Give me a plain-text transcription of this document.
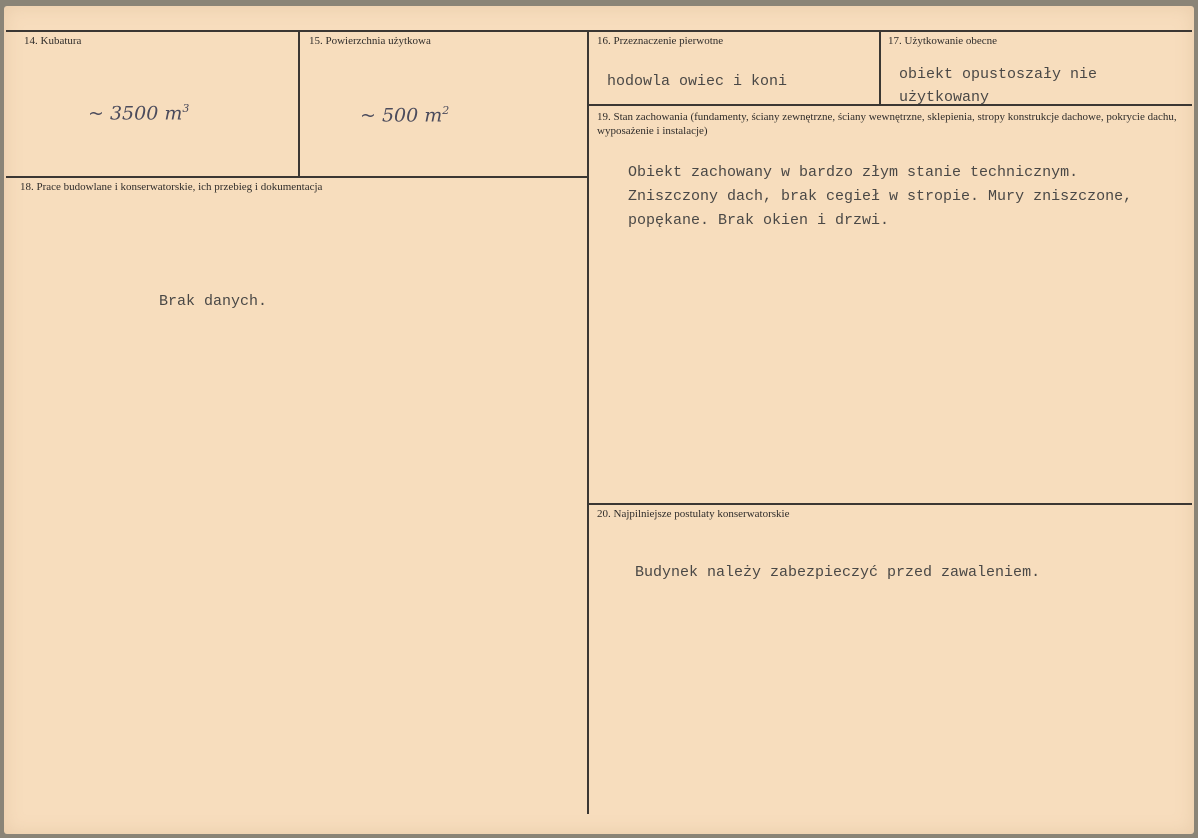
14. Kubatura
~ 3500 $m^3$
15. Powierzchnia użytkowa
~ 500 $m^2$
16. Przeznaczenie pierwotne
hodowla owiec i koni
17. Użytkowanie obecne
obiekt opustoszały nie
użytkowany
19. Stan zachowania (fundamenty, ściany zewnętrzne, ściany wewnętrzne, sklepienia, stropy konstrukcje dachowe, pokrycie dachu, wyposażenie i instalacje)
Obiekt zachowany w bardzo złym stanie technicznym.
Zniszczony dach, brak cegieł w stropie. Mury zniszczone,
popękane. Brak okien i drzwi.
18. Prace budowlane i konserwatorskie, ich przebieg i dokumentacja
Brak danych.
20. Najpilniejsze postulaty konserwatorskie
Budynek należy zabezpieczyć przed zawaleniem.
